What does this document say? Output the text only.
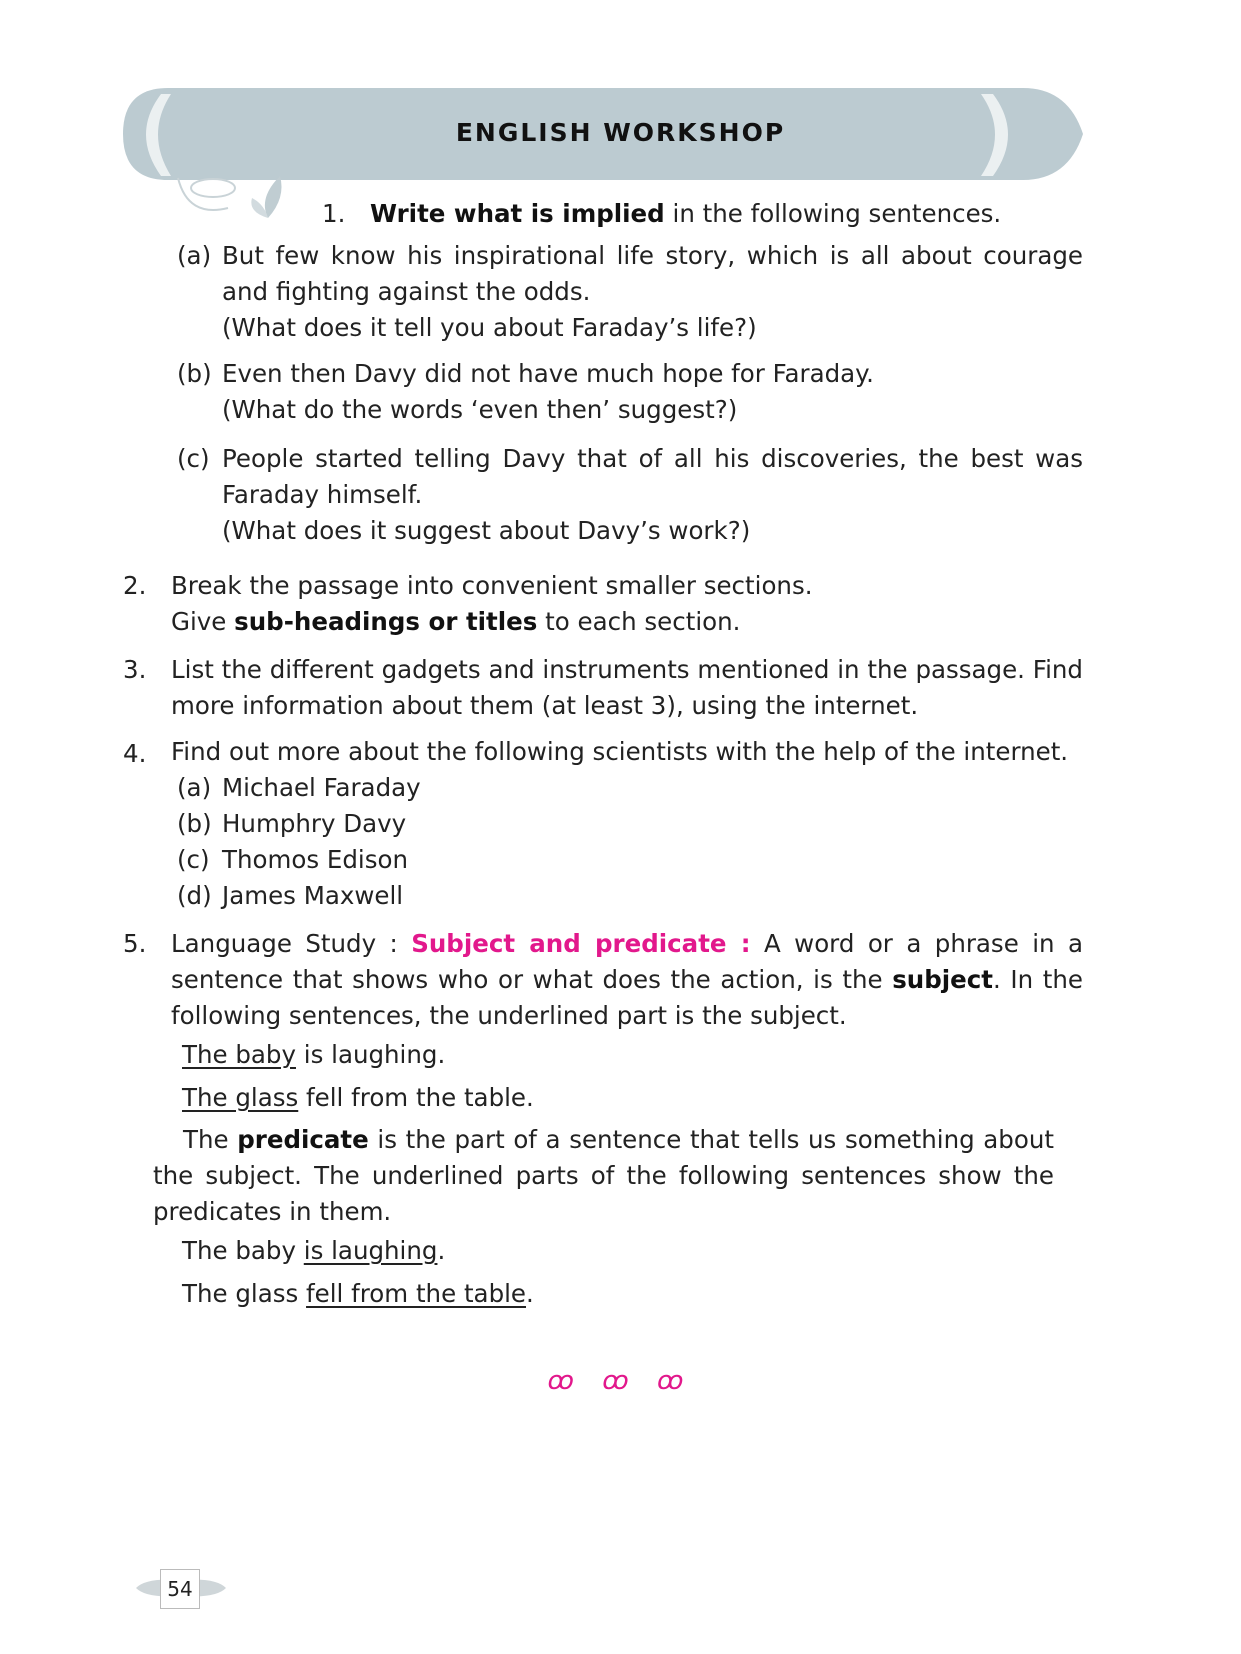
ENGLISH WORKSHOP
1. Write what is implied in the following sentences.
(a) But few know his inspirational life story, which is all about courage and fighting against the odds.
(What does it tell you about Faraday’s life?)
(b) Even then Davy did not have much hope for Faraday.
(What do the words ‘even then’ suggest?)
(c) People started telling Davy that of all his discoveries, the best was Faraday himself.
(What does it suggest about Davy’s work?)
2. Break the passage into convenient smaller sections.
Give sub-headings or titles to each section.
3. List the different gadgets and instruments mentioned in the passage. Find more information about them (at least 3), using the internet.
4. Find out more about the following scientists with the help of the internet.
(a) Michael Faraday
(b) Humphry Davy
(c) Thomos Edison
(d) James Maxwell
5. Language Study : Subject and predicate : A word or a phrase in a sentence that shows who or what does the action, is the subject. In the following sentences, the underlined part is the subject.
The baby is laughing.
The glass fell from the table.
The predicate is the part of a sentence that tells us something about the subject. The underlined parts of the following sentences show the predicates in them.
The baby is laughing.
The glass fell from the table.
ꝏ ꝏ ꝏ
54
